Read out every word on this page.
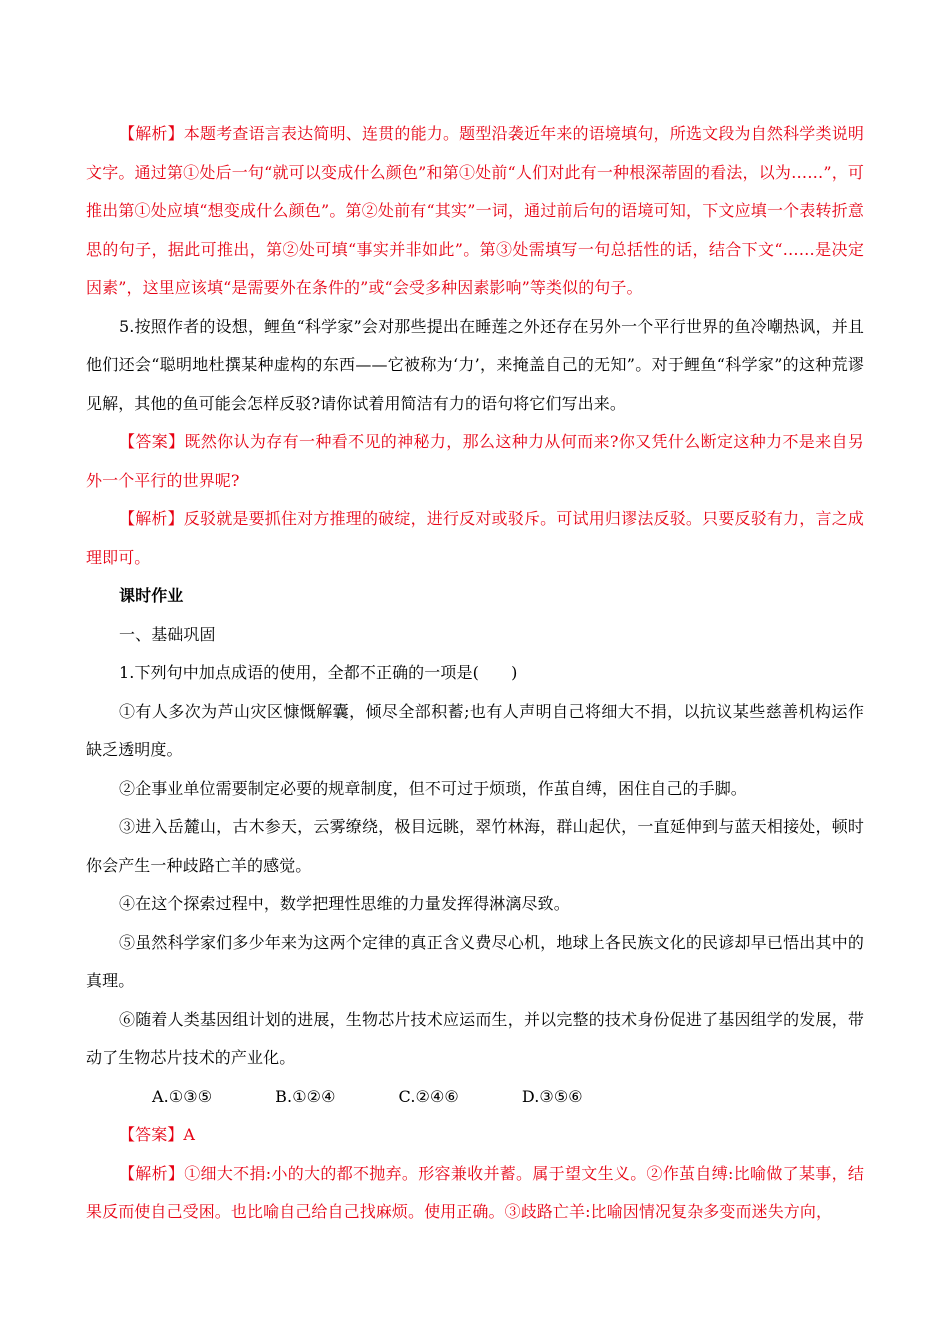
【解析】本题考查语言表达简明、连贯的能力。题型沿袭近年来的语境填句，所选文段为自然科学类说明文字。通过第①处后一句“就可以变成什么颜色”和第①处前“人们对此有一种根深蒂固的看法，以为……”，可推出第①处应填“想变成什么颜色”。第②处前有“其实”一词，通过前后句的语境可知，下文应填一个表转折意思的句子，据此可推出，第②处可填“事实并非如此”。第③处需填写一句总括性的话，结合下文“……是决定因素”，这里应该填“是需要外在条件的”或“会受多种因素影响”等类似的句子。

5.按照作者的设想，鲤鱼“科学家”会对那些提出在睡莲之外还存在另外一个平行世界的鱼冷嘲热讽，并且他们还会“聪明地杜撰某种虚构的东西——它被称为‘力’，来掩盖自己的无知”。对于鲤鱼“科学家”的这种荒谬见解，其他的鱼可能会怎样反驳?请你试着用简洁有力的语句将它们写出来。

【答案】既然你认为存有一种看不见的神秘力，那么这种力从何而来?你又凭什么断定这种力不是来自另外一个平行的世界呢?

【解析】反驳就是要抓住对方推理的破绽，进行反对或驳斥。可试用归谬法反驳。只要反驳有力，言之成理即可。

课时作业

一、基础巩固

1.下列句中加点成语的使用，全都不正确的一项是(　　)

①有人多次为芦山灾区慷慨解囊，倾尽全部积蓄;也有人声明自己将细大不捐，以抗议某些慈善机构运作缺乏透明度。

②企事业单位需要制定必要的规章制度，但不可过于烦琐，作茧自缚，困住自己的手脚。

③进入岳麓山，古木参天，云雾缭绕，极目远眺，翠竹林海，群山起伏，一直延伸到与蓝天相接处，顿时你会产生一种歧路亡羊的感觉。

④在这个探索过程中，数学把理性思维的力量发挥得淋漓尽致。

⑤虽然科学家们多少年来为这两个定律的真正含义费尽心机，地球上各民族文化的民谚却早已悟出其中的真理。

⑥随着人类基因组计划的进展，生物芯片技术应运而生，并以完整的技术身份促进了基因组学的发展，带动了生物芯片技术的产业化。

A.①③⑤	B.①②④	C.②④⑥	D.③⑤⑥

【答案】A

【解析】①细大不捐:小的大的都不抛弃。形容兼收并蓄。属于望文生义。②作茧自缚:比喻做了某事，结果反而使自己受困。也比喻自己给自己找麻烦。使用正确。③歧路亡羊:比喻因情况复杂多变而迷失方向，
